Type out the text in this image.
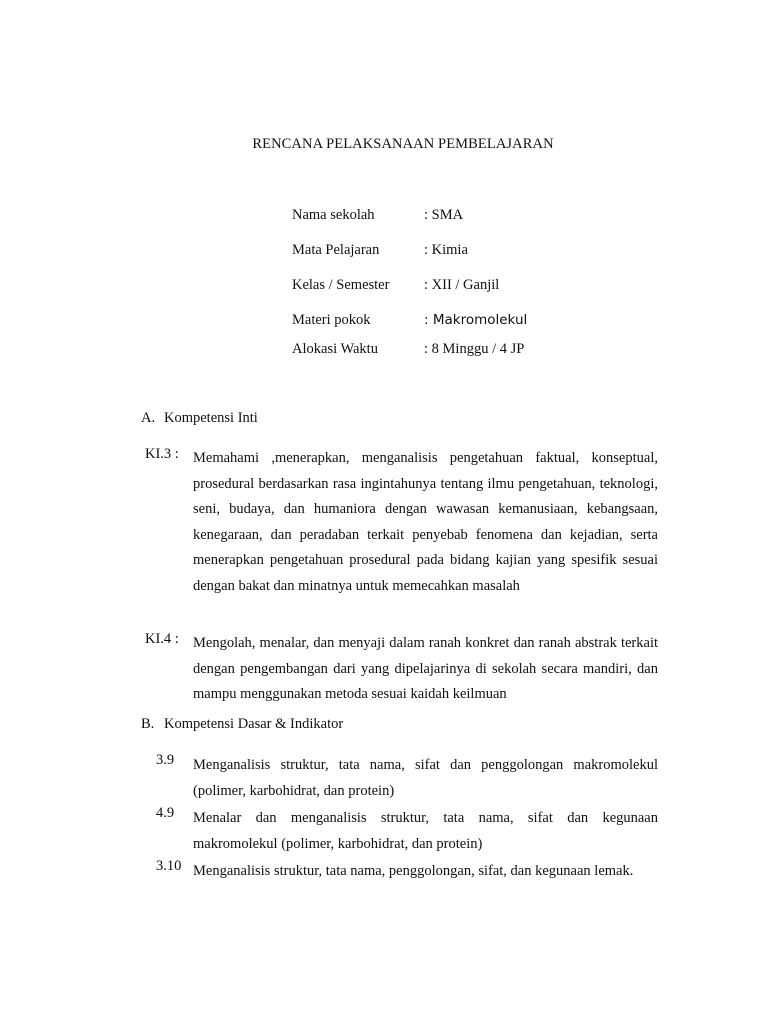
RENCANA PELAKSANAAN PEMBELAJARAN
Nama sekolah	: SMA
Mata Pelajaran	: Kimia
Kelas / Semester : XII / Ganjil
Materi pokok	: Makromolekul
Alokasi Waktu	: 8 Minggu / 4 JP
A. Kompetensi Inti
KI.3 : Memahami ,menerapkan, menganalisis pengetahuan faktual, konseptual, prosedural berdasarkan rasa ingintahunya tentang ilmu pengetahuan, teknologi, seni, budaya, dan humaniora dengan wawasan kemanusiaan, kebangsaan, kenegaraan, dan peradaban terkait penyebab fenomena dan kejadian, serta menerapkan pengetahuan prosedural pada bidang kajian yang spesifik sesuai dengan bakat dan minatnya untuk memecahkan masalah
KI.4 : Mengolah, menalar, dan menyaji dalam ranah konkret dan ranah abstrak terkait dengan pengembangan dari yang dipelajarinya di sekolah secara mandiri, dan mampu menggunakan metoda sesuai kaidah keilmuan
B. Kompetensi Dasar & Indikator
3.9 Menganalisis struktur, tata nama, sifat dan penggolongan makromolekul (polimer, karbohidrat, dan protein)
4.9 Menalar dan menganalisis struktur, tata nama, sifat dan kegunaan makromolekul (polimer, karbohidrat, dan protein)
3.10 Menganalisis struktur, tata nama, penggolongan, sifat, dan kegunaan lemak.
